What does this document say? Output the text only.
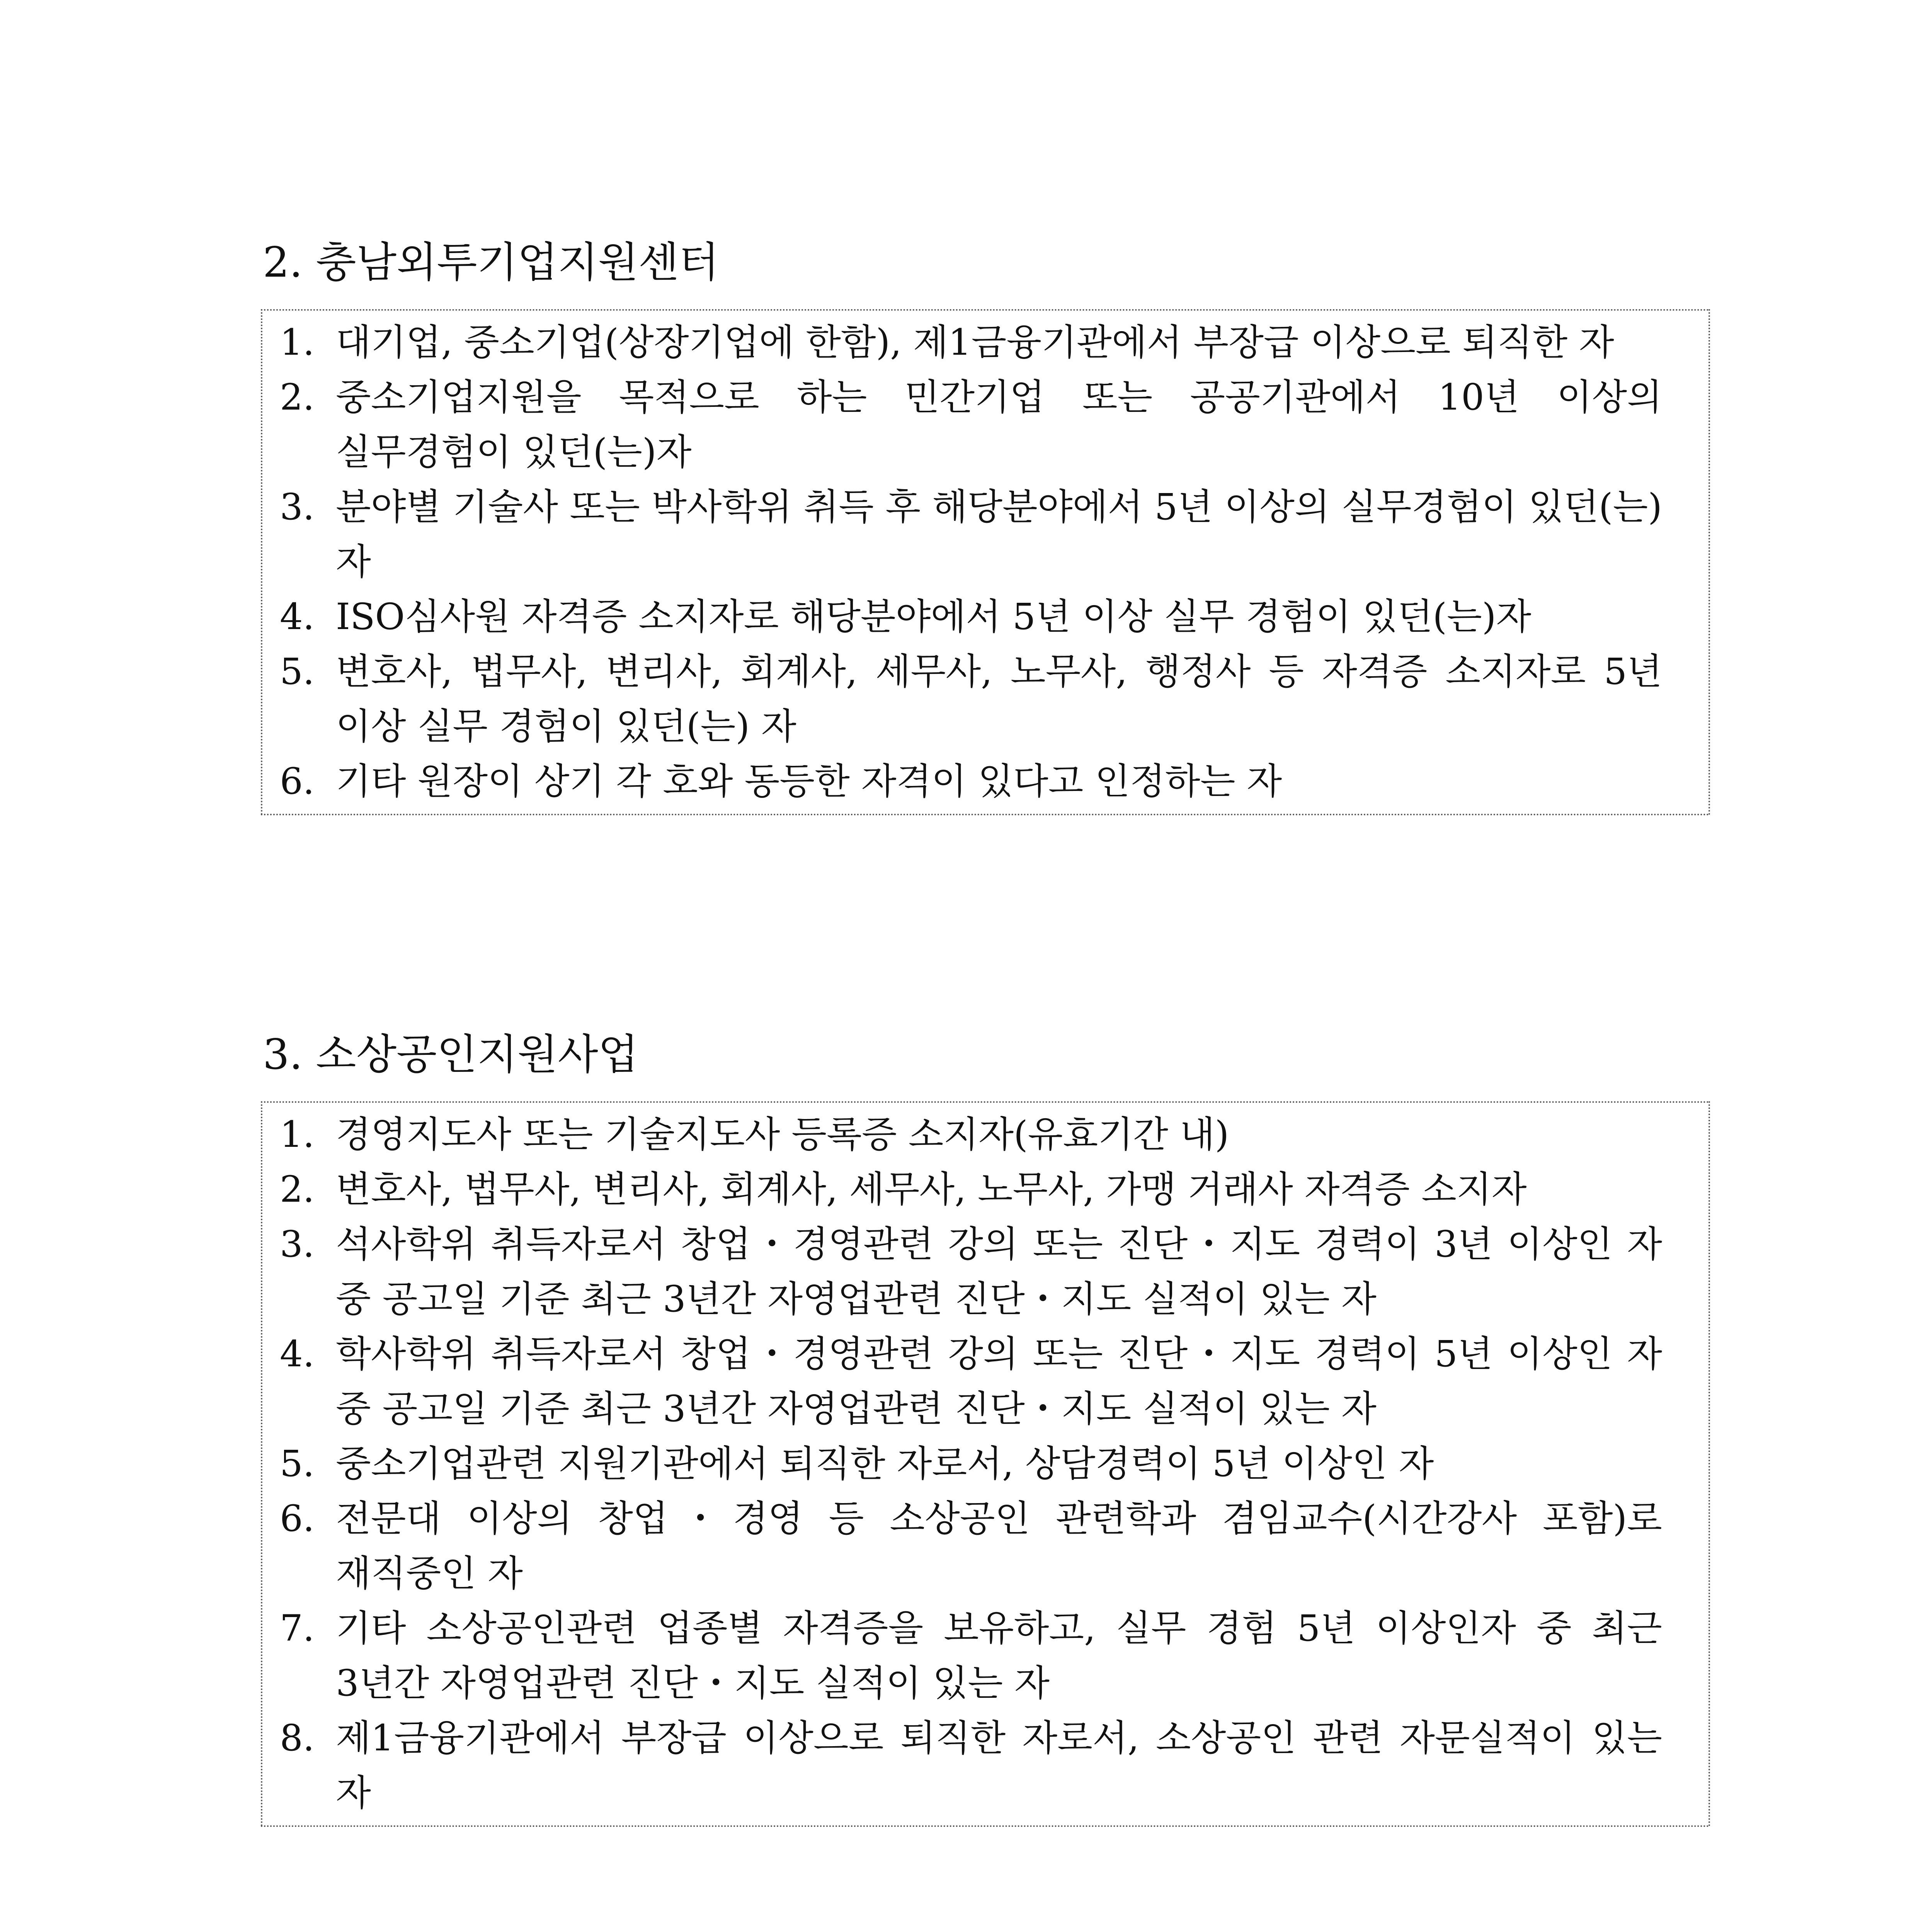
2. 충남외투기업지원센터
1. 대기업, 중소기업(상장기업에 한함), 제1금융기관에서 부장급 이상으로 퇴직한 자
2. 중소기업지원을 목적으로 하는 민간기업 또는 공공기관에서 10년 이상의 실무경험이 있던(는)자
3. 분야별 기술사 또는 박사학위 취득 후 해당분야에서 5년 이상의 실무경험이 있던(는)자
4. ISO심사원 자격증 소지자로 해당분야에서 5년 이상 실무 경험이 있던(는)자
5. 변호사, 법무사, 변리사, 회계사, 세무사, 노무사, 행정사 등 자격증 소지자로 5년 이상 실무 경험이 있던(는) 자
6. 기타 원장이 상기 각 호와 동등한 자격이 있다고 인정하는 자
3. 소상공인지원사업
1. 경영지도사 또는 기술지도사 등록증 소지자(유효기간 내)
2. 변호사, 법무사, 변리사, 회계사, 세무사, 노무사, 가맹 거래사 자격증 소지자
3. 석사학위 취득자로서 창업・경영관련 강의 또는 진단・지도 경력이 3년 이상인 자 중 공고일 기준 최근 3년간 자영업관련 진단・지도 실적이 있는 자
4. 학사학위 취득자로서 창업・경영관련 강의 또는 진단・지도 경력이 5년 이상인 자 중 공고일 기준 최근 3년간 자영업관련 진단・지도 실적이 있는 자
5. 중소기업관련 지원기관에서 퇴직한 자로서, 상담경력이 5년 이상인 자
6. 전문대 이상의 창업・경영 등 소상공인 관련학과 겸임교수(시간강사 포함)로 재직중인 자
7. 기타 소상공인관련 업종별 자격증을 보유하고, 실무 경험 5년 이상인자 중 최근 3년간 자영업관련 진단・지도 실적이 있는 자
8. 제1금융기관에서 부장급 이상으로 퇴직한 자로서, 소상공인 관련 자문실적이 있는 자
